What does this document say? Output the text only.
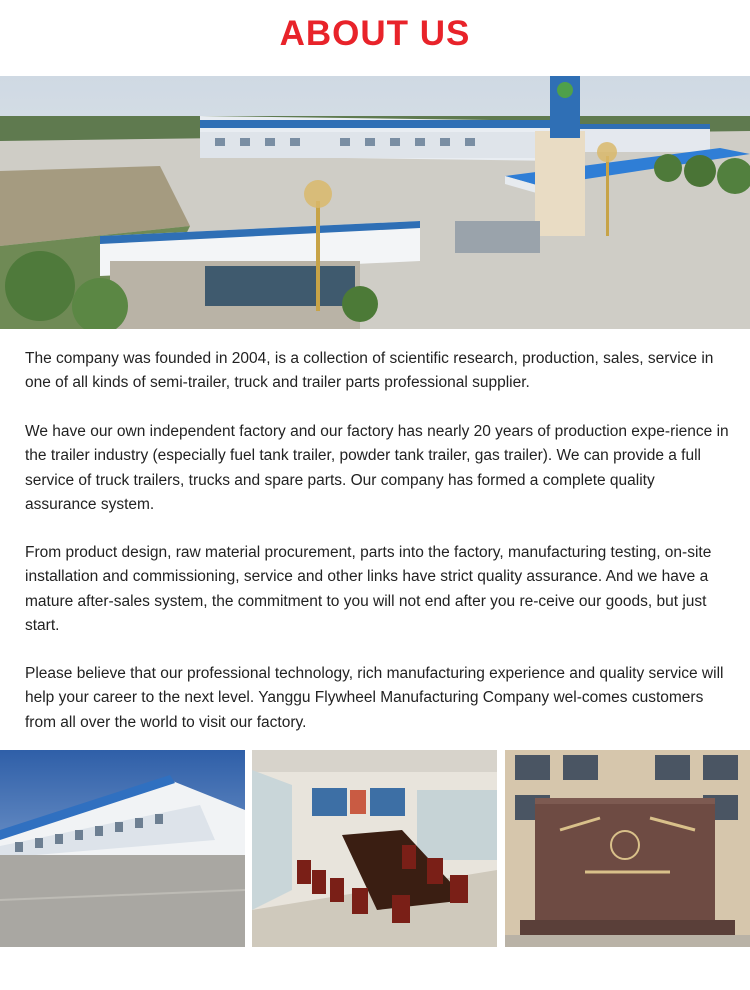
ABOUT US

The company was founded in 2004, is a collection of scientific research, production, sales, service in one of all kinds of semi-trailer, truck and trailer parts professional supplier.

We have our own independent factory and our factory has nearly 20 years of production expe-rience in the trailer industry (especially fuel tank trailer, powder tank trailer, gas trailer). We can provide a full service of truck trailers, trucks and spare parts. Our company has formed a complete quality assurance system.

From product design, raw material procurement, parts into the factory, manufacturing testing, on-site installation and commissioning, service and other links have strict quality assurance. And we have a mature after-sales system, the commitment to you will not end after you re-ceive our goods, but just start.

Please believe that our professional technology, rich manufacturing experience and quality service will help your career to the next level. Yanggu Flywheel Manufacturing Company wel-comes customers from all over the world to visit our factory.
